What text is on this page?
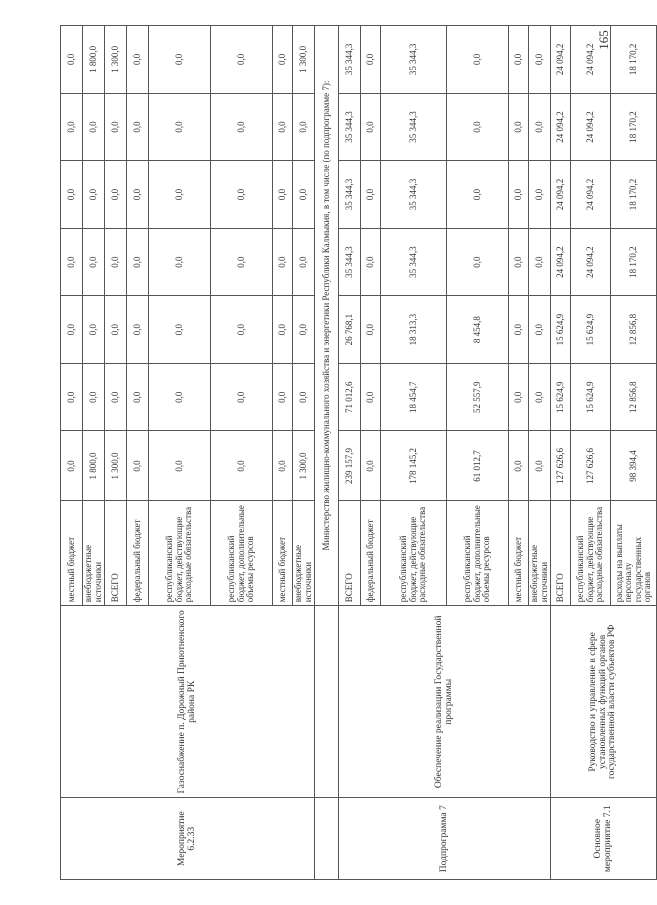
Мероприятие 6.2.33	Газоснабжение п. Дорожный Приютненского района РК	местный бюджет	0,0	0,0	0,0	0,0	0,0	0,0	0,0
		внебюджетные источники	1 800,0	0,0	0,0	0,0	0,0	0,0	1 800,0
		ВСЕГО	1 300,0	0,0	0,0	0,0	0,0	0,0	1 300,0
		федеральный бюджет	0,0	0,0	0,0	0,0	0,0	0,0	0,0
		республиканский бюджет, действующие расходные обязательства	0,0	0,0	0,0	0,0	0,0	0,0	0,0
		республиканский бюджет, дополнительные объемы ресурсов	0,0	0,0	0,0	0,0	0,0	0,0	0,0
		местный бюджет	0,0	0,0	0,0	0,0	0,0	0,0	0,0
		внебюджетные источники	1 300,0	0,0	0,0	0,0	0,0	0,0	1 300,0
		Министерство жилищно-коммунального хозяйства и энергетики Республики Калмыкия, в том числе (по подпрограмме 7):							
Подпрограмма 7	Обеспечение реализации Государственной программы	ВСЕГО	239 157,9	71 012,6	26 768,1	35 344,3	35 344,3	35 344,3	35 344,3
		федеральный бюджет	0,0	0,0	0,0	0,0	0,0	0,0	0,0
		республиканский бюджет, действующие расходные обязательства	178 145,2	18 454,7	18 313,3	35 344,3	35 344,3	35 344,3	35 344,3
		республиканский бюджет, дополнительные объемы ресурсов	61 012,7	52 557,9	8 454,8	0,0	0,0	0,0	0,0
		местный бюджет	0,0	0,0	0,0	0,0	0,0	0,0	0,0
		внебюджетные источники	0,0	0,0	0,0	0,0	0,0	0,0	0,0
Основное мероприятие 7.1	Руководство и управление в сфере установленных функций органов государственной власти субъектов РФ	ВСЕГО	127 626,6	15 624,9	15 624,9	24 094,2	24 094,2	24 094,2	24 094,2
		республиканский бюджет, действующие расходные обязательства	127 626,6	15 624,9	15 624,9	24 094,2	24 094,2	24 094,2	24 094,2
		расходы на выплаты персоналу государственных органов	98 394,4	12 856,8	12 856,8	18 170,2	18 170,2	18 170,2	18 170,2
165
